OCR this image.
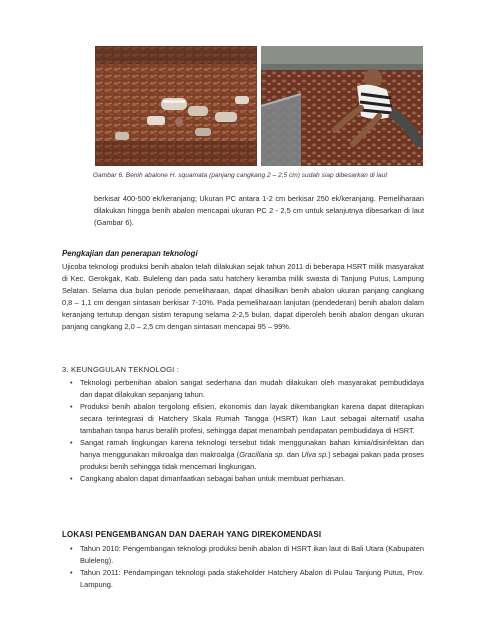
Gambar 6. Benih abalone H. squamata (panjang cangkang 2 – 2,5 cm) sudah siap dibesarkan di laut
berkisar 400-500 ek/keranjang; Ukuran PC antara 1-2 cm berkisar 250 ek/keranjang. Pemeliharaan dilakukan hingga benih abalon mencapai ukuran PC 2 - 2,5 cm untuk selanjutnya dibesarkan di laut (Gambar 6).
Pengkajian dan penerapan teknologi
Ujicoba teknologi produksi benih abalon telah dilakukan sejak tahun 2011 di beberapa HSRT milik masyarakat di Kec. Gerokgak, Kab. Buleleng dan pada satu hatchery keramba milik swasta di Tanjung Putus, Lampung Selatan. Selama dua bulan periode pemeliharaan, dapat dihasilkan benih abalon ukuran panjang cangkang 0,8 – 1,1 cm dengan sintasan berkisar 7-10%. Pada pemeliharaan lanjutan (pendederan) benih abalon dalam keranjang tertutup dengan sistim terapung selama 2-2,5 bulan, dapat diperoleh benih abalon dengan ukuran panjang cangkang 2,0 – 2,5 cm dengan sintasan mencapai 95 – 99%.
3. KEUNGGULAN TEKNOLOGI :
• Teknologi perbenihan abalon sangat sederhana dan mudah dilakukan oleh masyarakat pembudidaya dan dapat dilakukan sepanjang tahun.
• Produksi benih abalon tergolong efisien, ekonomis dan layak dikembangkan karena dapat diterapkan secara terintegrasi di Hatchery Skala Rumah Tangga (HSRT) Ikan Laut sebagai alternatif usaha tambahan tanpa harus beralih profesi, sehingga dapat menambah pendapatan pembudidaya di HSRT.
• Sangat ramah lingkungan karena teknologi tersebut tidak menggunakan bahan kimia/disinfektan dan hanya menggunakan mikroalga dan makroalga (Gracillaria sp. dan Ulva sp.) sebagai pakan pada proses produksi benih sehingga tidak mencemari lingkungan.
• Cangkang abalon dapat dimanfaatkan sebagai bahan untuk membuat perhiasan.
LOKASI PENGEMBANGAN DAN DAERAH YANG DIREKOMENDASI
• Tahun 2010: Pengembangan teknologi produksi benih abalon di HSRT ikan laut di Bali Utara (Kabupaten Buleleng).
• Tahun 2011: Pendampingan teknologi pada stakeholder Hatchery Abalon di Pulau Tanjung Putus, Prov. Lampung.
